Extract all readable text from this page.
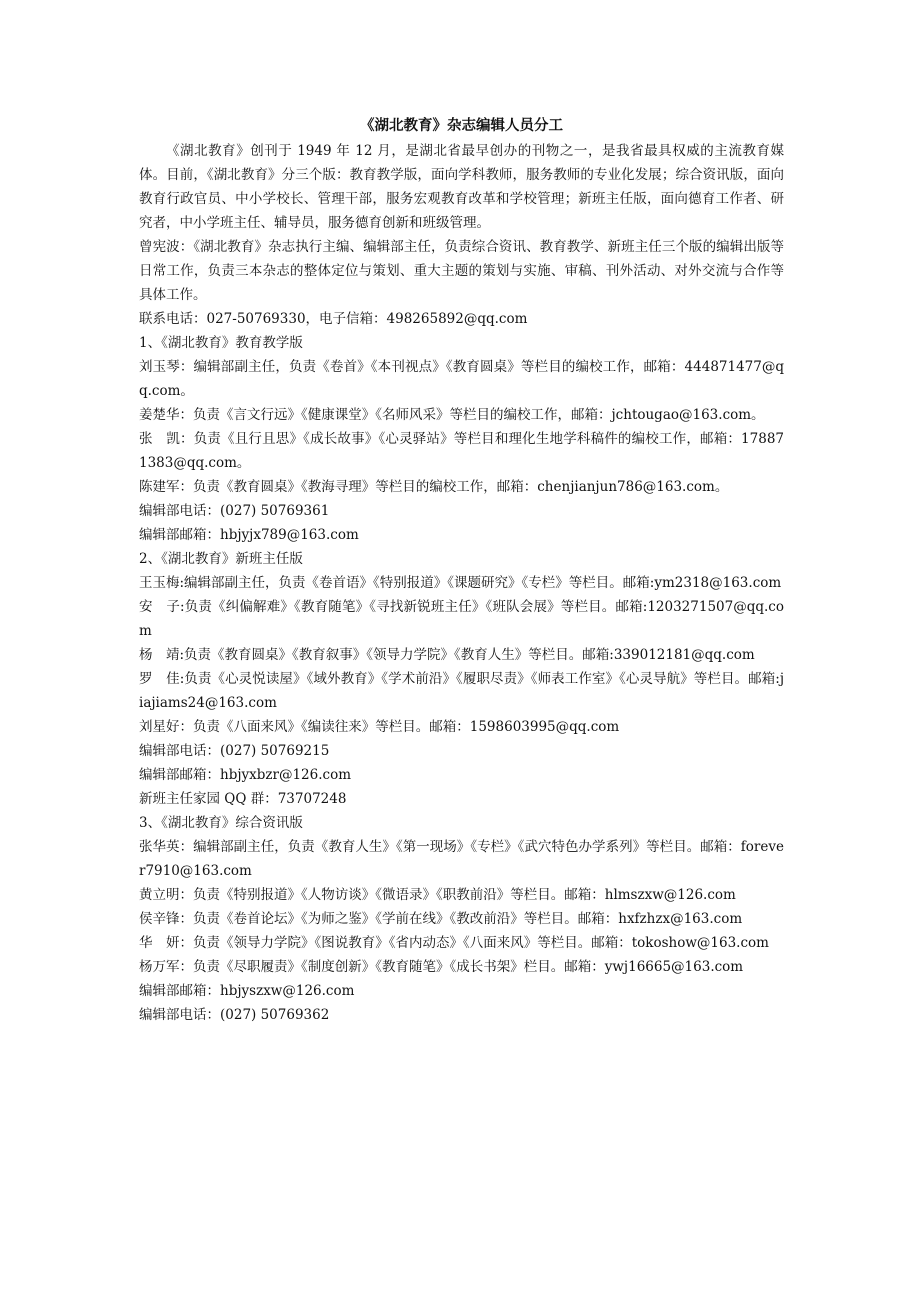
《湖北教育》杂志编辑人员分工

《湖北教育》创刊于 1949 年 12 月，是湖北省最早创办的刊物之一，是我省最具权威的主流教育媒体。目前，《湖北教育》分三个版：教育教学版，面向学科教师，服务教师的专业化发展；综合资讯版，面向教育行政官员、中小学校长、管理干部，服务宏观教育改革和学校管理；新班主任版，面向德育工作者、研究者，中小学班主任、辅导员，服务德育创新和班级管理。

曾宪波：《湖北教育》杂志执行主编、编辑部主任，负责综合资讯、教育教学、新班主任三个版的编辑出版等日常工作，负责三本杂志的整体定位与策划、重大主题的策划与实施、审稿、刊外活动、对外交流与合作等具体工作。

联系电话：027-50769330，电子信箱：498265892@qq.com

1、《湖北教育》教育教学版

刘玉琴：编辑部副主任，负责《卷首》《本刊视点》《教育圆桌》等栏目的编校工作，邮箱：444871477@qq.com。

姜楚华：负责《言文行远》《健康课堂》《名师风采》等栏目的编校工作，邮箱：jchtougao@163.com。

张　凯：负责《且行且思》《成长故事》《心灵驿站》等栏目和理化生地学科稿件的编校工作，邮箱：178871383@qq.com。

陈建军：负责《教育圆桌》《教海寻理》等栏目的编校工作，邮箱：chenjianjun786@163.com。

编辑部电话：(027) 50769361

编辑部邮箱：hbjyjx789@163.com

2、《湖北教育》新班主任版

王玉梅:编辑部副主任，负责《卷首语》《特别报道》《课题研究》《专栏》等栏目。邮箱:ym2318@163.com

安　子:负责《纠偏解难》《教育随笔》《寻找新锐班主任》《班队会展》等栏目。邮箱:1203271507@qq.com

杨　靖:负责《教育圆桌》《教育叙事》《领导力学院》《教育人生》等栏目。邮箱:339012181@qq.com

罗　佳:负责《心灵悦读屋》《域外教育》《学术前沿》《履职尽责》《师表工作室》《心灵导航》等栏目。邮箱:jiajiams24@163.com

刘星好：负责《八面来风》《编读往来》等栏目。邮箱：1598603995@qq.com

编辑部电话：(027) 50769215

编辑部邮箱：hbjyxbzr@126.com

新班主任家园 QQ 群：73707248

3、《湖北教育》综合资讯版

张华英：编辑部副主任，负责《教育人生》《第一现场》《专栏》《武穴特色办学系列》等栏目。邮箱：forever7910@163.com

黄立明：负责《特别报道》《人物访谈》《微语录》《职教前沿》等栏目。邮箱：hlmszxw@126.com

侯辛锋：负责《卷首论坛》《为师之鉴》《学前在线》《教改前沿》等栏目。邮箱：hxfzhzx@163.com

华　妍：负责《领导力学院》《图说教育》《省内动态》《八面来风》等栏目。邮箱：tokoshow@163.com

杨万军：负责《尽职履责》《制度创新》《教育随笔》《成长书架》栏目。邮箱：ywj16665@163.com

编辑部邮箱：hbjyszxw@126.com

编辑部电话：(027) 50769362
